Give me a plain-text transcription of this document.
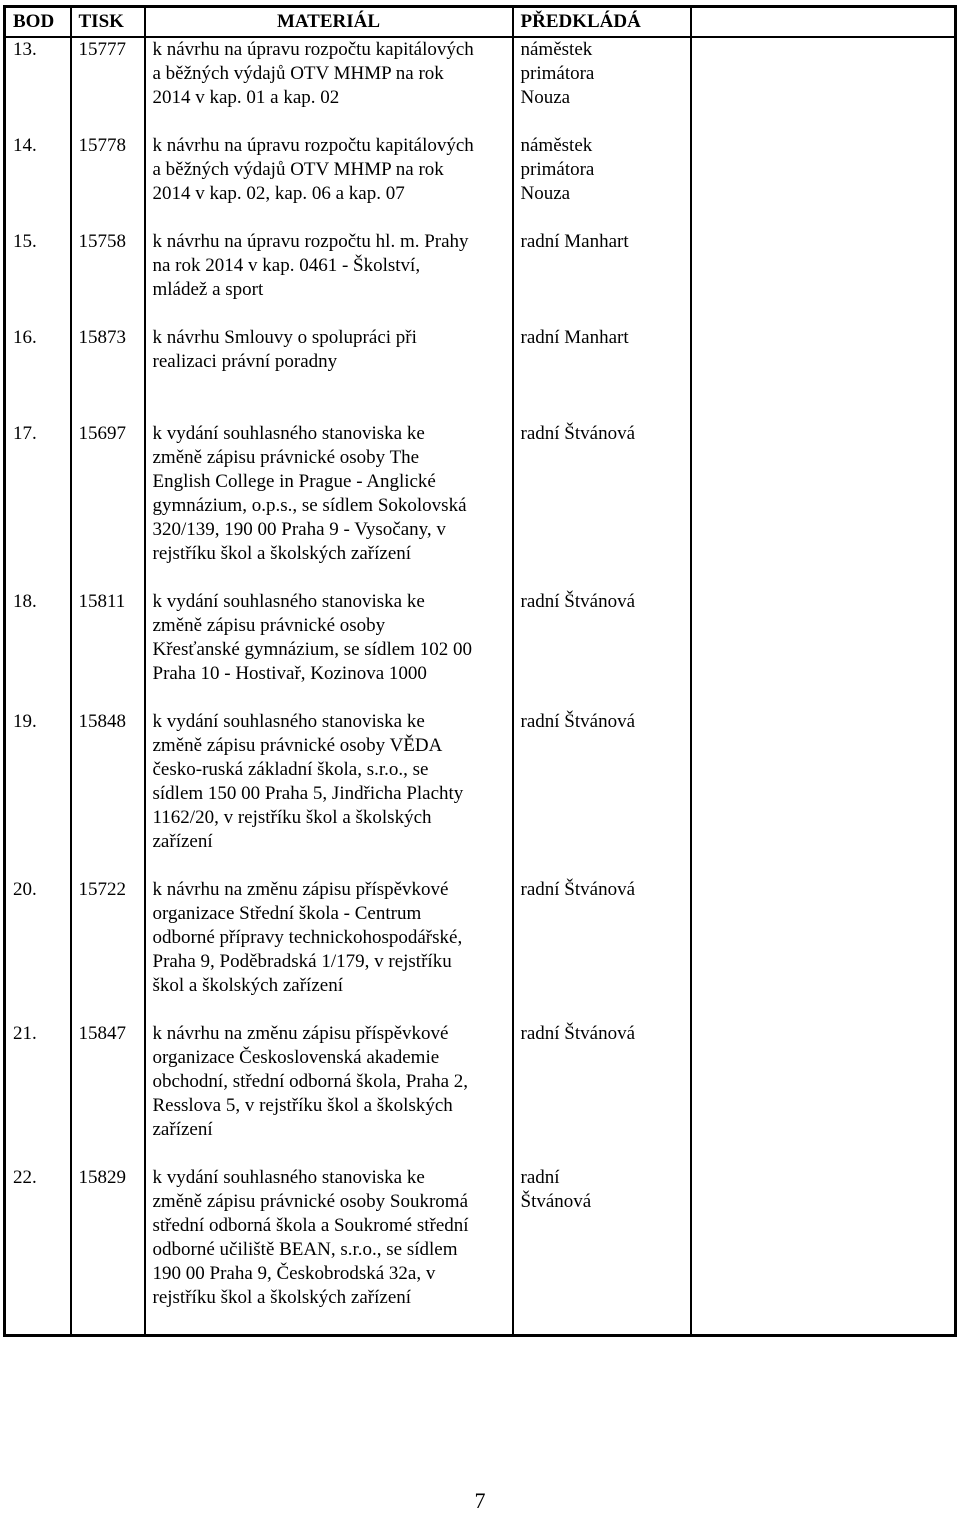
BOD	TISK	MATERIÁL	PŘEDKLÁDÁ	
13.	15777	k návrhu na úpravu rozpočtu kapitálových	náměstek	
		a běžných výdajů OTV MHMP na rok	primátora	
		2014 v kap. 01 a kap. 02	Nouza	

14.	15778	k návrhu na úpravu rozpočtu kapitálových	náměstek	
		a běžných výdajů OTV MHMP na rok	primátora	
		2014 v kap. 02, kap. 06 a kap. 07	Nouza	

15.	15758	k návrhu na úpravu rozpočtu hl. m. Prahy	radní Manhart	
		na rok 2014 v kap. 0461 - Školství,		
		mládež a sport		

16.	15873	k návrhu Smlouvy o spolupráci při	radní Manhart	
		realizaci právní poradny		

17.	15697	k vydání souhlasného stanoviska ke	radní Štvánová	
		změně zápisu právnické osoby The		
		English College in Prague - Anglické		
		gymnázium, o.p.s., se sídlem Sokolovská		
		320/139, 190 00 Praha 9 - Vysočany, v		
		rejstříku škol a školských zařízení		

18.	15811	k vydání souhlasného stanoviska ke	radní Štvánová	
		změně zápisu právnické osoby		
		Křesťanské gymnázium, se sídlem 102 00		
		Praha 10 - Hostivař, Kozinova 1000		

19.	15848	k vydání souhlasného stanoviska ke	radní Štvánová	
		změně zápisu právnické osoby VĚDA		
		česko-ruská základní škola, s.r.o., se		
		sídlem 150 00 Praha 5, Jindřicha Plachty		
		1162/20, v rejstříku škol a školských		
		zařízení		

20.	15722	k návrhu na změnu zápisu příspěvkové	radní Štvánová	
		organizace Střední škola - Centrum		
		odborné přípravy technickohospodářské,		
		Praha 9, Poděbradská 1/179, v rejstříku		
		škol a školských zařízení		

21.	15847	k návrhu na změnu zápisu příspěvkové	radní Štvánová	
		organizace Československá akademie		
		obchodní, střední odborná škola, Praha 2,		
		Resslova 5, v rejstříku škol a školských		
		zařízení		

22.	15829	k vydání souhlasného stanoviska ke	radní	
		změně zápisu právnické osoby Soukromá	Štvánová	
		střední odborná škola a Soukromé střední		
		odborné učiliště BEAN, s.r.o., se sídlem		
		190 00 Praha 9, Českobrodská 32a, v		
		rejstříku škol a školských zařízení		

7
